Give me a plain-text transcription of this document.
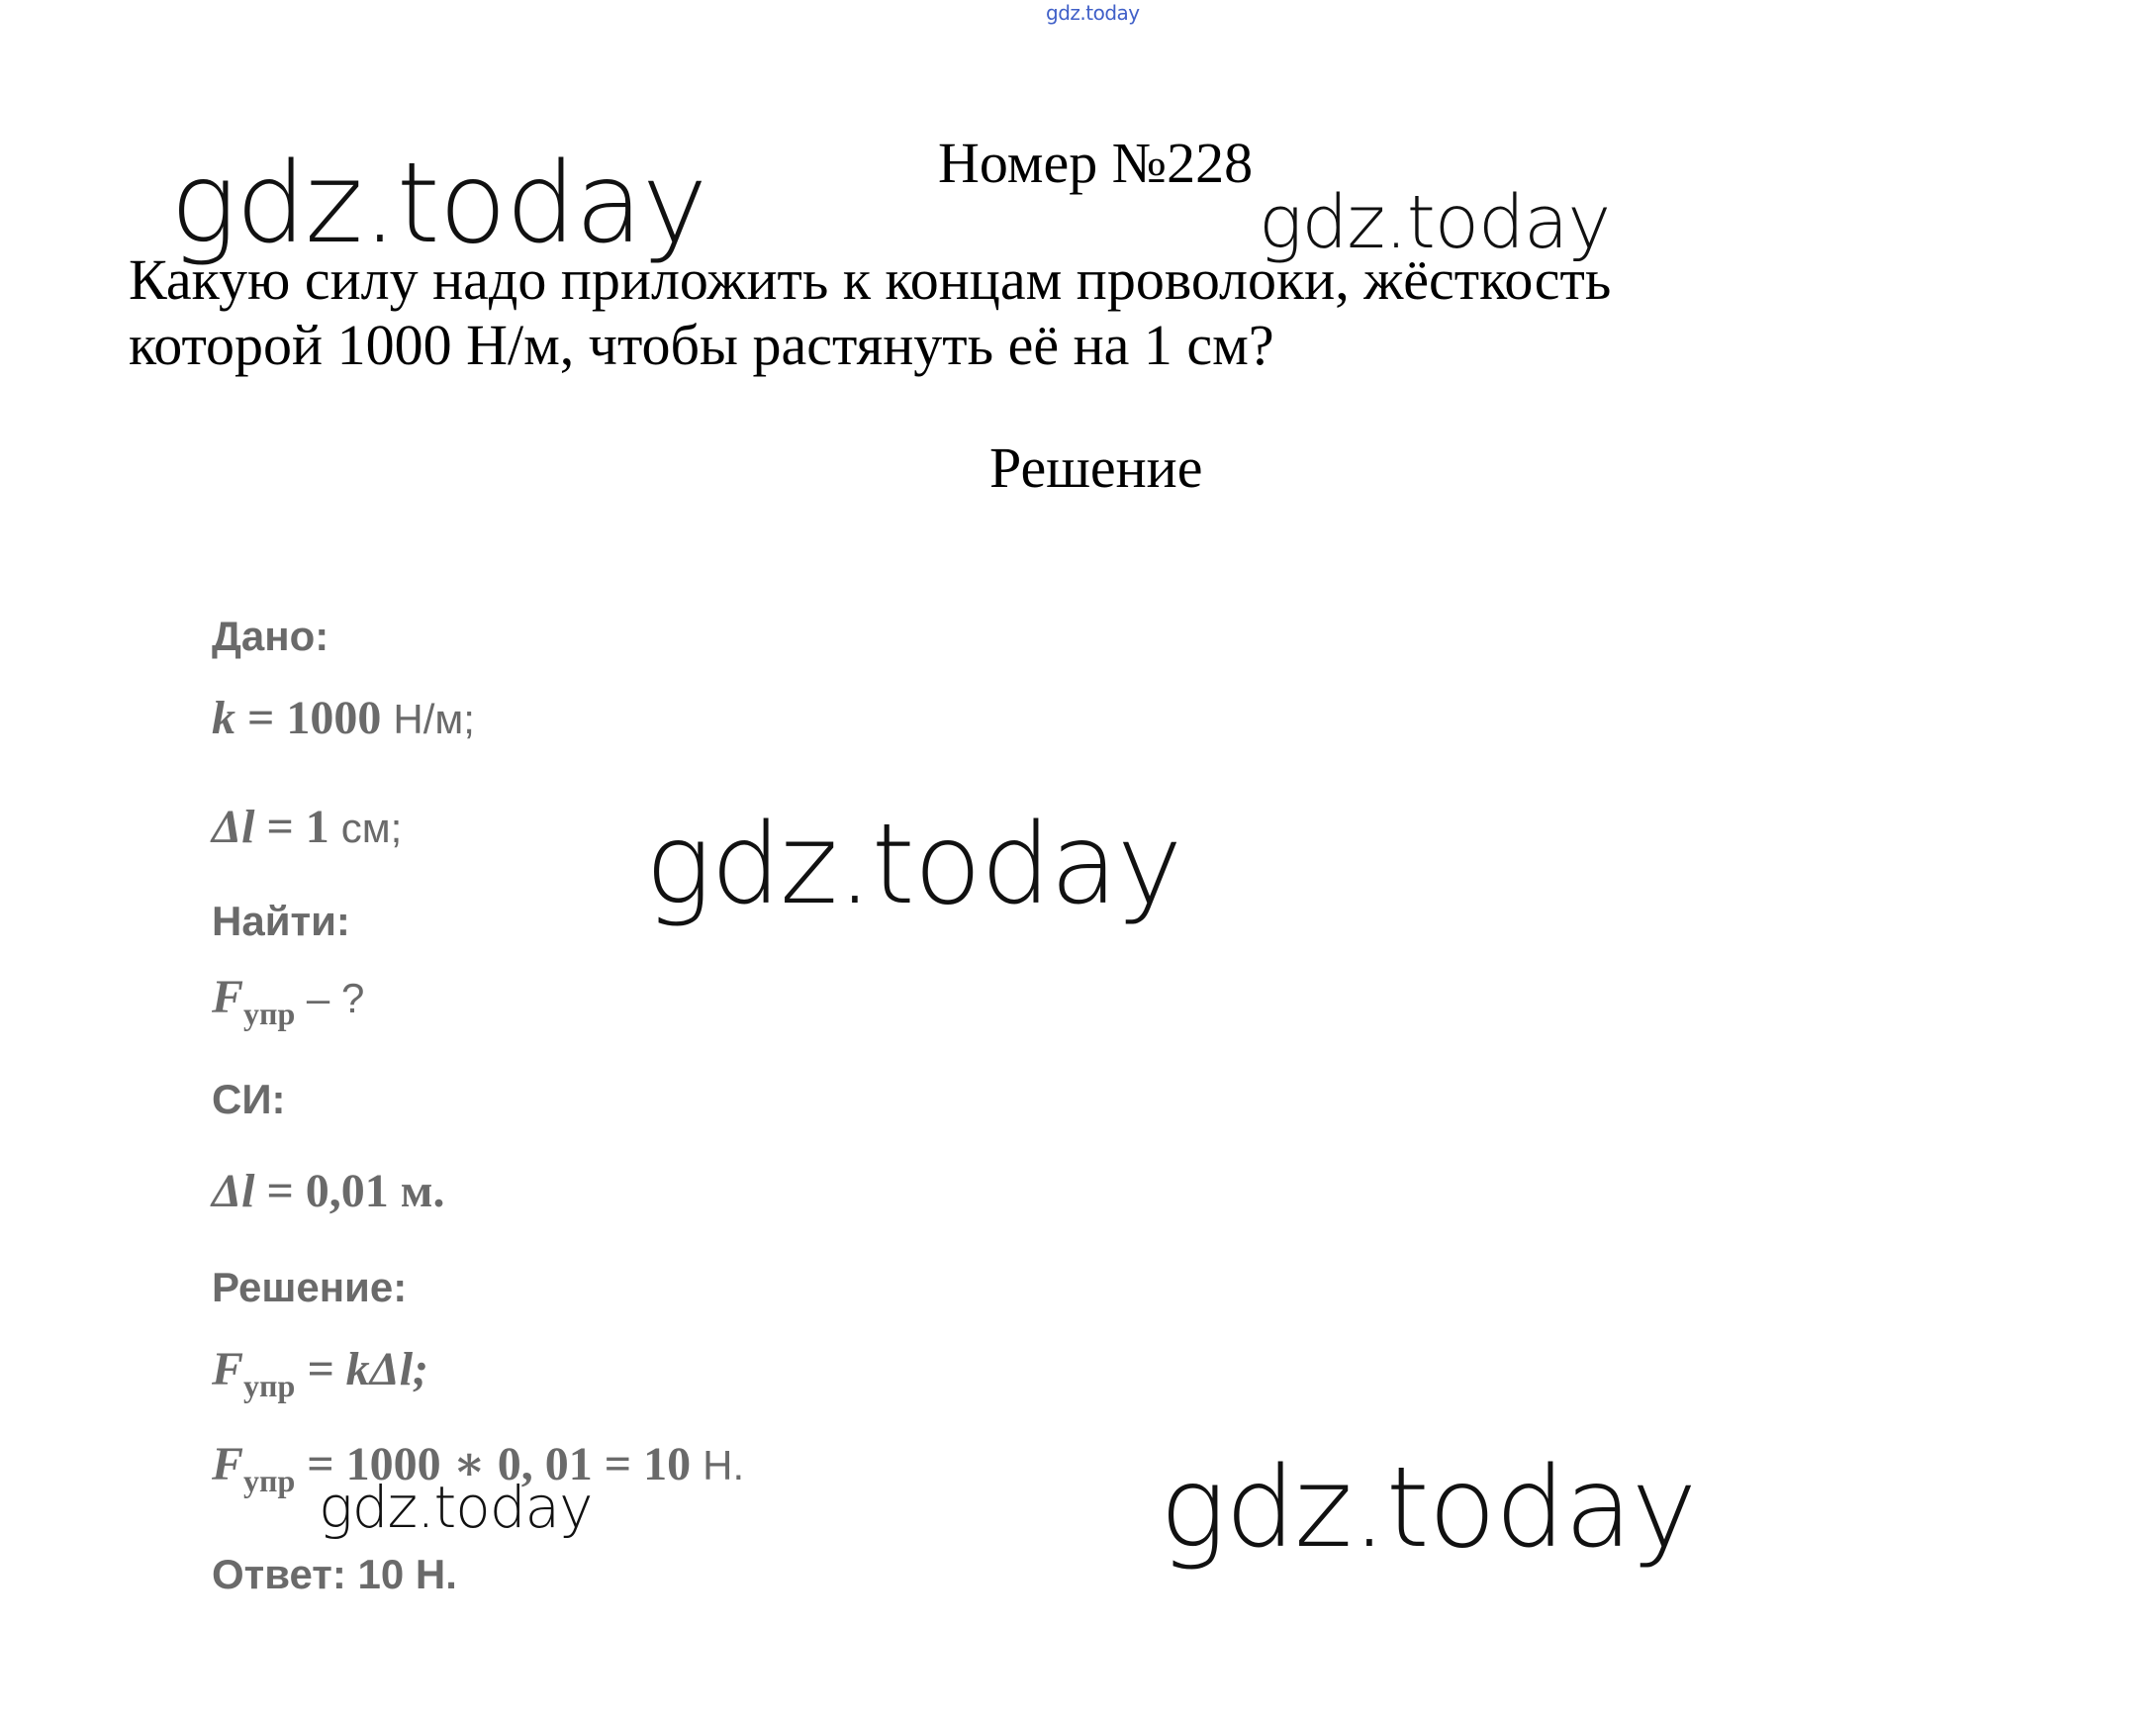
gdz.today
Номер №228
Какую силу надо приложить к концам проволоки, жёсткость
которой 1000 Н/м, чтобы растянуть её на 1 см?
Решение
Дано:
k = 1000 Н/м;
Δl = 1 см;
Найти:
$F_{упр}$ – ?
СИ:
Δl = 0,01 м.
Решение:
$F_{упр} = k\Delta l$;
$F_{упр} = 1000$ ∗ 0, 01 = 10 Н.
Ответ: 10 Н.
gdz.today	gdz.today
gdz.today
gdz.today
gdz.today
